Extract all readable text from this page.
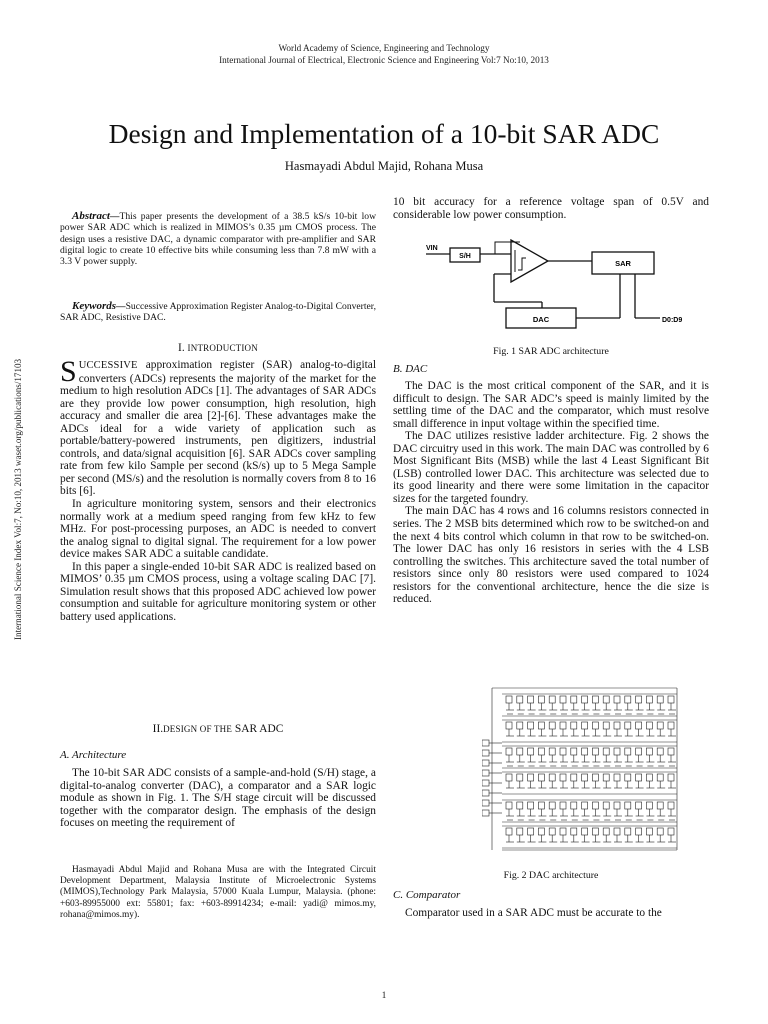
World Academy of Science, Engineering and Technology
International Journal of Electrical, Electronic Science and Engineering Vol:7 No:10, 2013
Design and Implementation of a 10-bit SAR ADC
Hasmayadi Abdul Majid, Rohana Musa
International Science Index Vol:7, No:10, 2013 waset.org/publications/17103

Abstract—This paper presents the development of a 38.5 kS/s 10-bit low power SAR ADC which is realized in MIMOS’s 0.35 µm CMOS process. The design uses a resistive DAC, a dynamic comparator with pre-amplifier and SAR digital logic to create 10 effective bits while consuming less than 7.8 mW with a 3.3 V power supply.

Keywords—Successive Approximation Register Analog-to-Digital Converter, SAR ADC, Resistive DAC.

I. INTRODUCTION

SUCCESSIVE approximation register (SAR) analog-to-digital converters (ADCs) represents the majority of the market for the medium to high resolution ADCs [1]. The advantages of SAR ADCs are they provide low power consumption, high resolution, high accuracy and smaller die area [2]-[6]. These advantages make the ADCs ideal for a wide variety of application such as portable/battery-powered instruments, pen digitizers, industrial controls, and data/signal acquisition [6]. SAR ADCs cover sampling rate from few kilo Sample per second (kS/s) up to 5 Mega Sample per second (MS/s) and the resolution is normally covers from 8 to 16 bits [6].

In agriculture monitoring system, sensors and their electronics normally work at a medium speed ranging from few kHz to few MHz. For post-processing purposes, an ADC is needed to convert the analog signal to digital signal. The requirement for a low power device makes SAR ADC a suitable candidate.

In this paper a single-ended 10-bit SAR ADC is realized based on MIMOS’ 0.35 µm CMOS process, using a voltage scaling DAC [7]. Simulation result shows that this proposed ADC achieved low power consumption and suitable for agriculture monitoring system or other battery used applications.

II.DESIGN OF THE SAR ADC
A. Architecture

The 10-bit SAR ADC consists of a sample-and-hold (S/H) stage, a digital-to-analog converter (DAC), a comparator and a SAR logic module as shown in Fig. 1. The S/H stage circuit will be discussed together with the comparator design. The emphasis of the design focuses on meeting the requirement of

Hasmayadi Abdul Majid and Rohana Musa are with the Integrated Circuit Development Department, Malaysia Institute of Microelectronic Systems (MIMOS),Technology Park Malaysia, 57000 Kuala Lumpur, Malaysia. (phone: +603-89955000 ext: 55801; fax: +603-89914234; e-mail: yadi@ mimos.my, rohana@mimos.my).

10 bit accuracy for a reference voltage span of 0.5V and considerable low power consumption.
VIN
S/H
SAR
DAC	D0:D9
Fig. 1 SAR ADC architecture
B. DAC

The DAC is the most critical component of the SAR, and it is difficult to design. The SAR ADC’s speed is mainly limited by the settling time of the DAC and the comparator, which must resolve small difference in input voltage within the specified time.

The DAC utilizes resistive ladder architecture. Fig. 2 shows the DAC circuitry used in this work. The main DAC was controlled by 6 Most Significant Bits (MSB) while the last 4 Least Significant Bit (LSB) controlled lower DAC. This architecture was selected due to its good linearity and there were some limitation in the capacitor sizes for the targeted foundry.

The main DAC has 4 rows and 16 columns resistors connected in series. The 2 MSB bits determined which row to be switched-on and the next 4 bits control which column in that row to be switched-on. The lower DAC has only 16 resistors in series with the 4 LSB controlling the switches. This architecture saved the total number of resistors since only 80 resistors were used compared to 1024 resistors for the conventional architecture, hence the die size is reduced.

Fig. 2 DAC architecture
C. Comparator

Comparator used in a SAR ADC must be accurate to the

1
